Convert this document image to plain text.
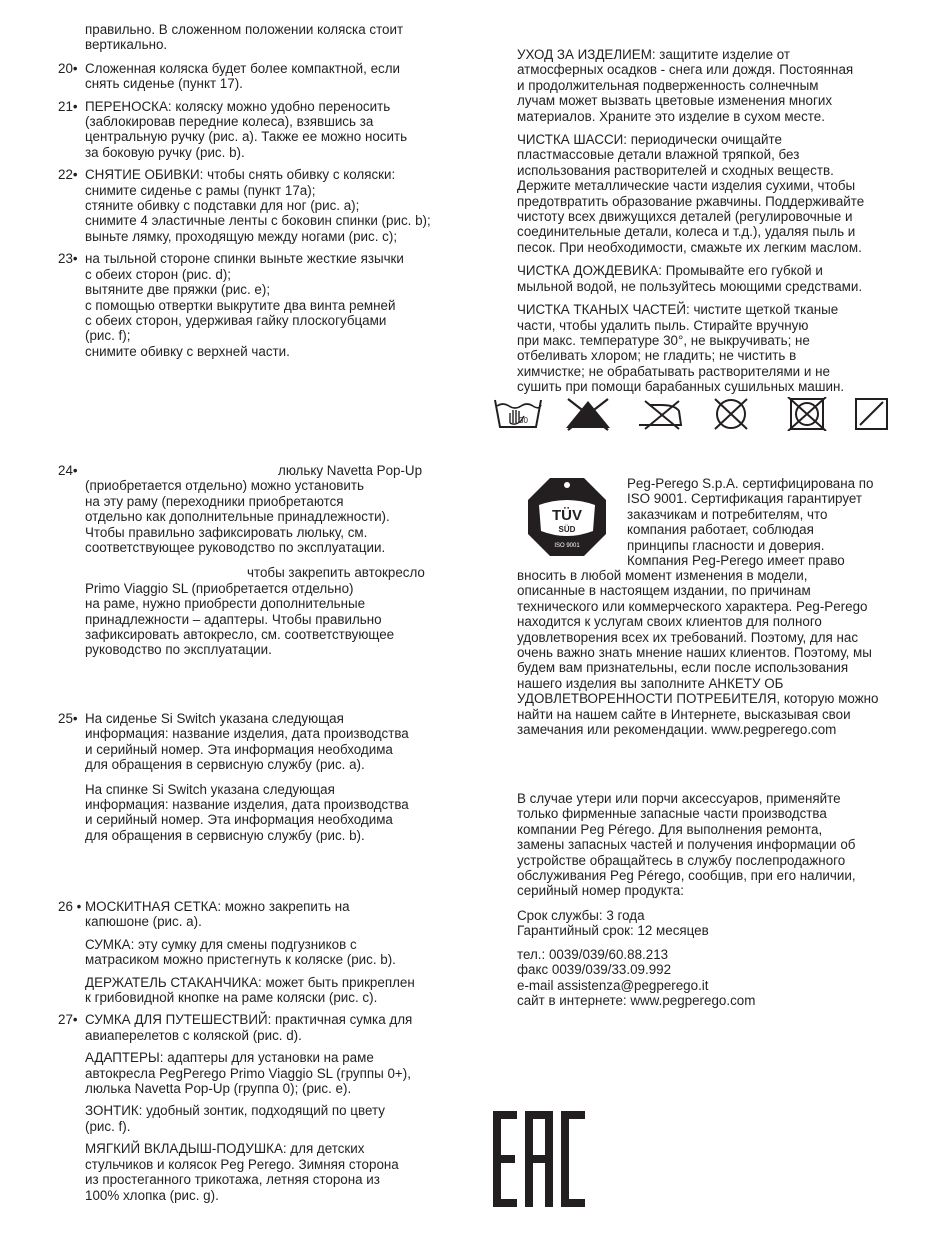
правильно. В сложенном положении коляска стоит
вертикально.
20• Сложенная коляска будет более компактной, если
снять сиденье (пункт 17).
21• ПЕРЕНОСКА: коляску можно удобно переносить
(заблокировав передние колеса), взявшись за
центральную ручку (рис. a). Также ее можно носить
за боковую ручку (рис. b).
22• СНЯТИЕ ОБИВКИ: чтобы снять обивку с коляски:
снимите сиденье с рамы (пункт 17a);
стяните обивку с подставки для ног (рис. a);
снимите 4 эластичные ленты с боковин спинки (рис. b);
выньте лямку, проходящую между ногами (рис. c);
23• на тыльной стороне спинки выньте жесткие язычки
с обеих сторон (рис. d);
вытяните две пряжки (рис. e);
с помощью отвертки выкрутите два винта ремней
с обеих сторон, удерживая гайку плоскогубцами
(рис. f);
снимите обивку с верхней части.
24•	люльку Navetta Pop-Up
(приобретается отдельно) можно установить
на эту раму (переходники приобретаются
отдельно как дополнительные принадлежности).
Чтобы правильно зафиксировать люльку, см.
соответствующее руководство по эксплуатации.
чтобы закрепить автокресло
Primo Viaggio SL (приобретается отдельно)
на раме, нужно приобрести дополнительные
принадлежности – адаптеры. Чтобы правильно
зафиксировать автокресло, см. соответствующее
руководство по эксплуатации.
25• На сиденье Si Switch указана следующая
информация: название изделия, дата производства
и серийный номер. Эта информация необходима
для обращения в сервисную службу (рис. a).
На спинке Si Switch указана следующая
информация: название изделия, дата производства
и серийный номер. Эта информация необходима
для обращения в сервисную службу (рис. b).
26 • МОСКИТНАЯ СЕТКА: можно закрепить на
капюшоне (рис. a).
СУМКА: эту сумку для смены подгузников с
матрасиком можно пристегнуть к коляске (рис. b).
ДЕРЖАТЕЛЬ СТАКАНЧИКА: может быть прикреплен
к грибовидной кнопке на раме коляски (рис. c).
27• СУМКА ДЛЯ ПУТЕШЕСТВИЙ: практичная сумка для
авиаперелетов с коляской (рис. d).
АДАПТЕРЫ: адаптеры для установки на раме
автокресла PegPerego Primo Viaggio SL (группы 0+),
люлька Navetta Pop-Up (группа 0); (рис. e).
ЗОНТИК: удобный зонтик, подходящий по цвету
(рис. f).
МЯГКИЙ ВКЛАДЫШ-ПОДУШКА: для детских
стульчиков и колясок Peg Perego. Зимняя сторона
из простеганного трикотажа, летняя сторона из
100% хлопка (рис. g).
УХОД ЗА ИЗДЕЛИЕМ: защитите изделие от
атмосферных осадков - снега или дождя. Постоянная
и продолжительная подверженность солнечным
лучам может вызвать цветовые изменения многих
материалов. Храните это изделие в сухом месте.
ЧИСТКА ШАССИ: периодически очищайте
пластмассовые детали влажной тряпкой, без
использования растворителей и сходных веществ.
Держите металлические части изделия сухими, чтобы
предотвратить образование ржавчины. Поддерживайте
чистоту всех движущихся деталей (регулировочные и
соединительные детали, колеса и т.д.), удаляя пыль и
песок. При необходимости, смажьте их легким маслом.
ЧИСТКА ДОЖДЕВИКА: Промывайте его губкой и
мыльной водой, не пользуйтесь моющими средствами.
ЧИСТКА ТКАНЫХ ЧАСТЕЙ: чистите щеткой тканые
части, чтобы удалить пыль. Стирайте вручную
при макс. температуре 30°, не выкручивать; не
отбеливать хлором; не гладить; не чистить в
химчистке; не обрабатывать растворителями и не
сушить при помощи барабанных сушильных машин.
30
TÜV
SÜD
ISO 9001
Peg-Perego S.p.A. сертифицирована по
ISO 9001. Сертификация гарантирует
заказчикам и потребителям, что
компания работает, соблюдая
принципы гласности и доверия.
Компания Peg-Perego имеет право
вносить в любой момент изменения в модели,
описанные в настоящем издании, по причинам
технического или коммерческого характера. Peg-Perego
находится к услугам своих клиентов для полного
удовлетворения всех их требований. Поэтому, для нас
очень важно знать мнение наших клиентов. Поэтому, мы
будем вам признательны, если после использования
нашего изделия вы заполните АНКЕТУ ОБ
УДОВЛЕТВОРЕННОСТИ ПОТРЕБИТЕЛЯ, которую можно
найти на нашем сайте в Интернете, высказывая свои
замечания или рекомендации. www.pegperego.com
В случае утери или порчи аксессуаров, применяйте
только фирменные запасные части производства
компании Peg Pérego. Для выполнения ремонта,
замены запасных частей и получения информации об
устройстве обращайтесь в службу послепродажного
обслуживания Peg Pérego, сообщив, при его наличии,
серийный номер продукта:
Срок службы: 3 года
Гарантийный срок: 12 месяцев
тел.: 0039/039/60.88.213
факс 0039/039/33.09.992
e-mail assistenza@pegperego.it
сайт в интернете: www.pegperego.com
